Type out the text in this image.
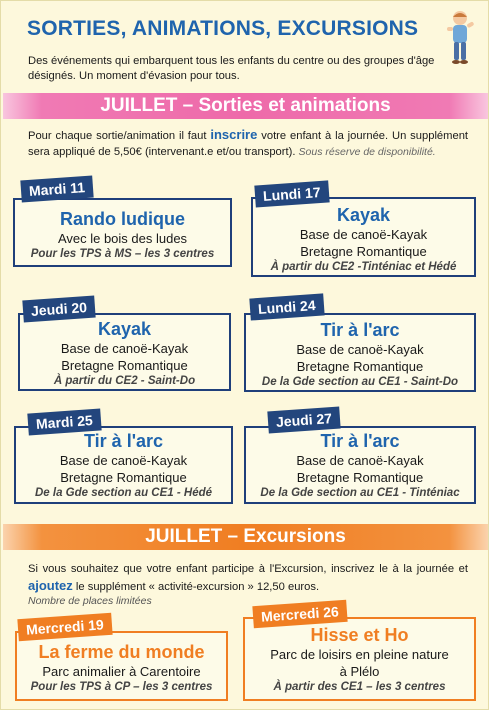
SORTIES, ANIMATIONS, EXCURSIONS
Des événements qui embarquent tous les enfants du centre ou des groupes d'âge désignés. Un moment d'évasion pour tous.
JUILLET – Sorties et animations
Pour chaque sortie/animation il faut inscrire votre enfant à la journée. Un supplément sera appliqué de 5,50€ (intervenant.e et/ou transport). Sous réserve de disponibilité.
Rando ludique
Avec le bois des ludes
Pour les TPS à MS – les 3 centres
Mardi 11
Kayak
Base de canoë-Kayak
Bretagne Romantique
À partir du CE2 -Tinténiac et Hédé
Lundi 17
Kayak
Base de canoë-Kayak
Bretagne Romantique
À partir du CE2 - Saint-Do
Jeudi 20
Tir à l'arc
Base de canoë-Kayak
Bretagne Romantique
De la Gde section au CE1 - Saint-Do
Lundi 24
Tir à l'arc
Base de canoë-Kayak
Bretagne Romantique
De la Gde section au CE1 - Hédé
Mardi 25
Tir à l'arc
Base de canoë-Kayak
Bretagne Romantique
De la Gde section au CE1 - Tinténiac
Jeudi 27
JUILLET – Excursions
Si vous souhaitez que votre enfant participe à l'Excursion, inscrivez le à la journée et ajoutez le supplément « activité-excursion » 12,50 euros.
Nombre de places limitées
La ferme du monde
Parc animalier à Carentoire
Pour les TPS à CP – les 3 centres
Mercredi 19	Hisse et Ho
Parc de loisirs en pleine nature
à Plélo
À partir des CE1 – les 3 centres
Mercredi 26
